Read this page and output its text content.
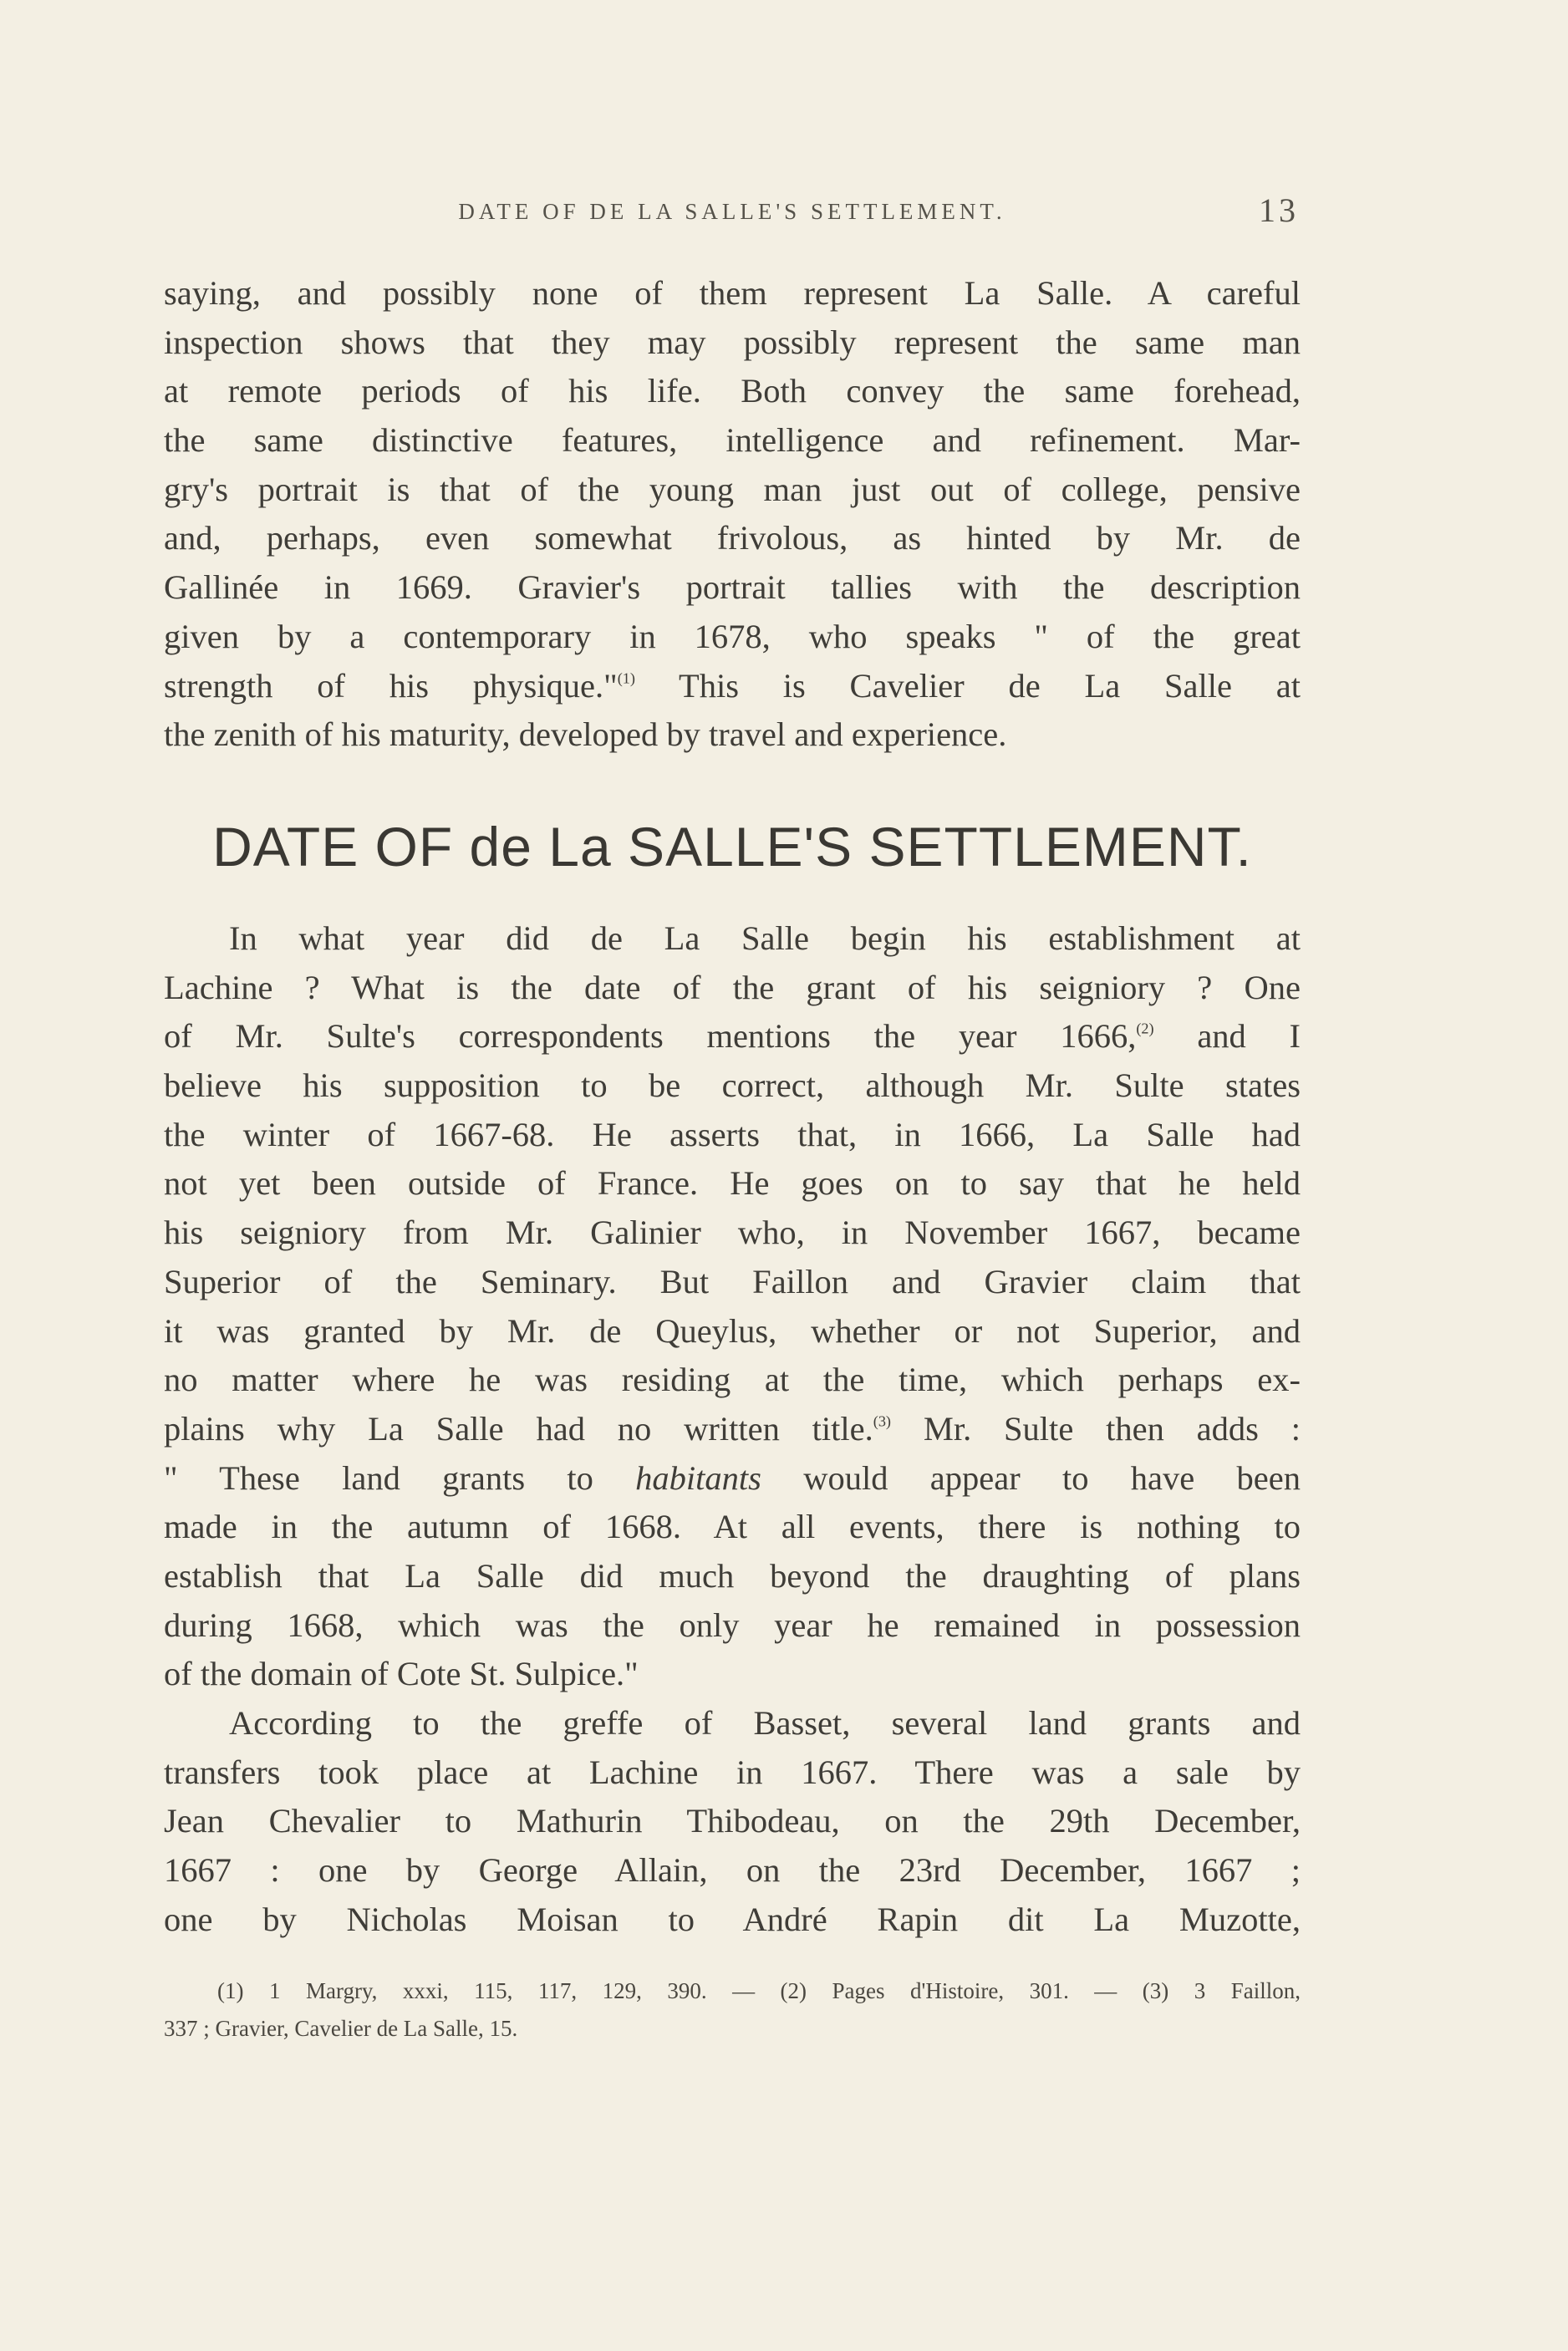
DATE OF DE LA SALLE'S SETTLEMENT.	13
saying, and possibly none of them represent La Salle. A careful
inspection shows that they may possibly represent the same man
at remote periods of his life. Both convey the same forehead,
the same distinctive features, intelligence and refinement. Mar-
gry's portrait is that of the young man just out of college, pensive
and, perhaps, even somewhat frivolous, as hinted by Mr. de
Gallinée in 1669. Gravier's portrait tallies with the description
given by a contemporary in 1678, who speaks " of the great
strength of his physique."$^{(1)}$ This is Cavelier de La Salle at
the zenith of his maturity, developed by travel and experience.
DATE OF de La SALLE'S SETTLEMENT.
In what year did de La Salle begin his establishment at
Lachine ? What is the date of the grant of his seigniory ? One
of Mr. Sulte's correspondents mentions the year 1666,$^{(2)}$ and I
believe his supposition to be correct, although Mr. Sulte states
the winter of 1667-68. He asserts that, in 1666, La Salle had
not yet been outside of France. He goes on to say that he held
his seigniory from Mr. Galinier who, in November 1667, became
Superior of the Seminary. But Faillon and Gravier claim that
it was granted by Mr. de Queylus, whether or not Superior, and
no matter where he was residing at the time, which perhaps ex-
plains why La Salle had no written title.$^{(3)}$ Mr. Sulte then adds :
" These land grants to habitants would appear to have been
made in the autumn of 1668. At all events, there is nothing to
establish that La Salle did much beyond the draughting of plans
during 1668, which was the only year he remained in possession
of the domain of Cote St. Sulpice."
According to the greffe of Basset, several land grants and
transfers took place at Lachine in 1667. There was a sale by
Jean Chevalier to Mathurin Thibodeau, on the 29th December,
1667 : one by George Allain, on the 23rd December, 1667 ;
one by Nicholas Moisan to André Rapin dit La Muzotte,
(1) 1 Margry, xxxi, 115, 117, 129, 390. — (2) Pages d'Histoire, 301. — (3) 3 Faillon,
337 ; Gravier, Cavelier de La Salle, 15.
